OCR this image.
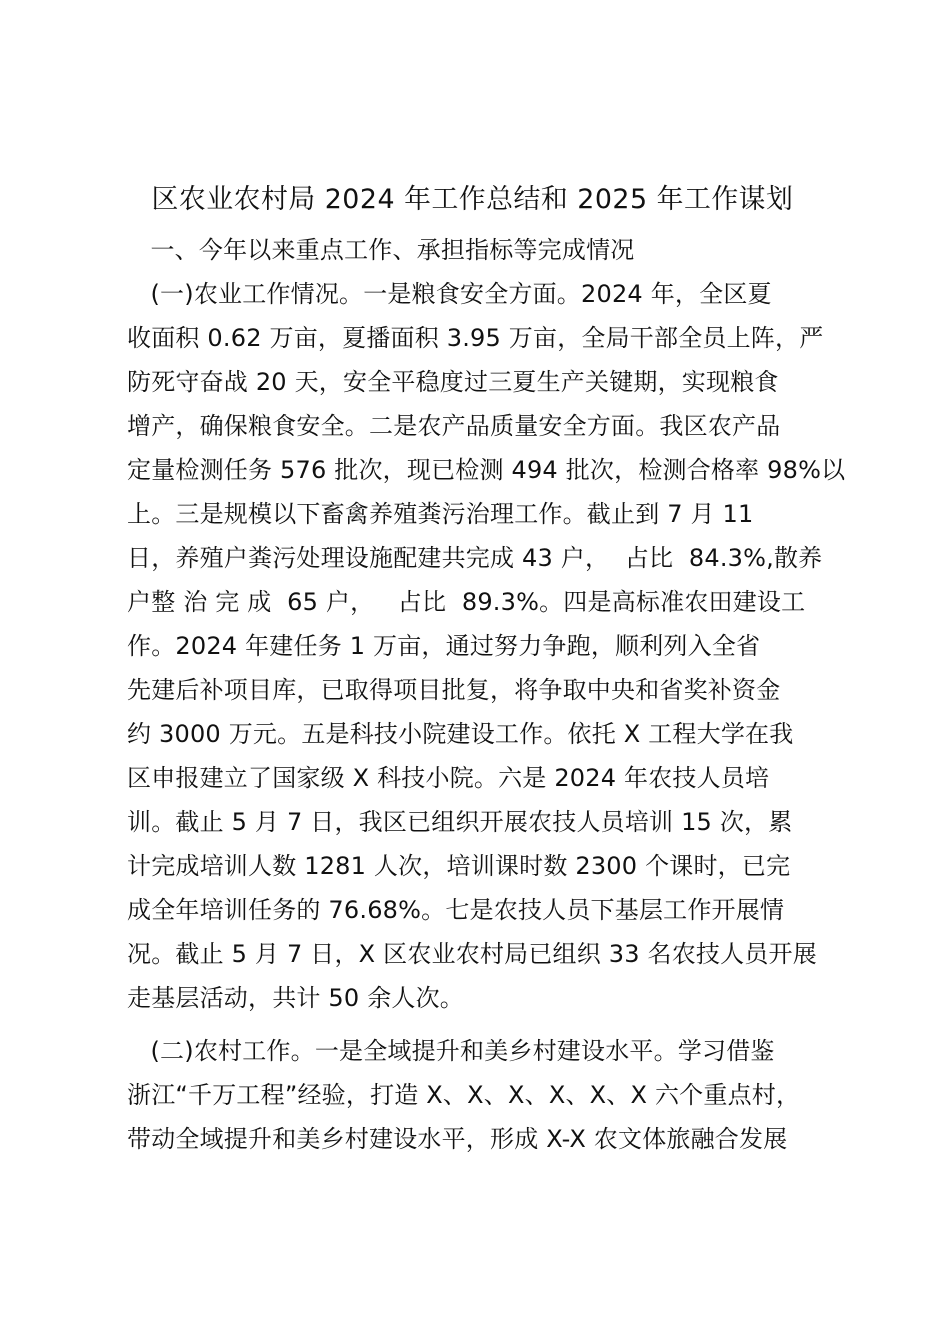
区农业农村局 2024 年工作总结和 2025 年工作谋划
一、今年以来重点工作、承担指标等完成情况
(一)农业工作情况。一是粮食安全方面。2024 年，全区夏
收面积 0.62 万亩，夏播面积 3.95 万亩，全局干部全员上阵，严
防死守奋战 20 天，安全平稳度过三夏生产关键期，实现粮食
增产，确保粮食安全。二是农产品质量安全方面。我区农产品
定量检测任务 576 批次，现已检测 494 批次，检测合格率 98%以
上。三是规模以下畜禽养殖粪污治理工作。截止到 7 月 11
日，养殖户粪污处理设施配建共完成 43 户，  占比  84.3%,散养
户整 治 完 成  65 户，   占比  89.3%。四是高标准农田建设工
作。2024 年建任务 1 万亩，通过努力争跑，顺利列入全省
先建后补项目库，已取得项目批复，将争取中央和省奖补资金
约 3000 万元。五是科技小院建设工作。依托 X 工程大学在我
区申报建立了国家级 X 科技小院。六是 2024 年农技人员培
训。截止 5 月 7 日，我区已组织开展农技人员培训 15 次，累
计完成培训人数 1281 人次，培训课时数 2300 个课时，已完
成全年培训任务的 76.68%。七是农技人员下基层工作开展情
况。截止 5 月 7 日，X 区农业农村局已组织 33 名农技人员开展
走基层活动，共计 50 余人次。
(二)农村工作。一是全域提升和美乡村建设水平。学习借鉴
浙江“千万工程”经验，打造 X、X、X、X、X、X 六个重点村，
带动全域提升和美乡村建设水平，形成 X-X 农文体旅融合发展
